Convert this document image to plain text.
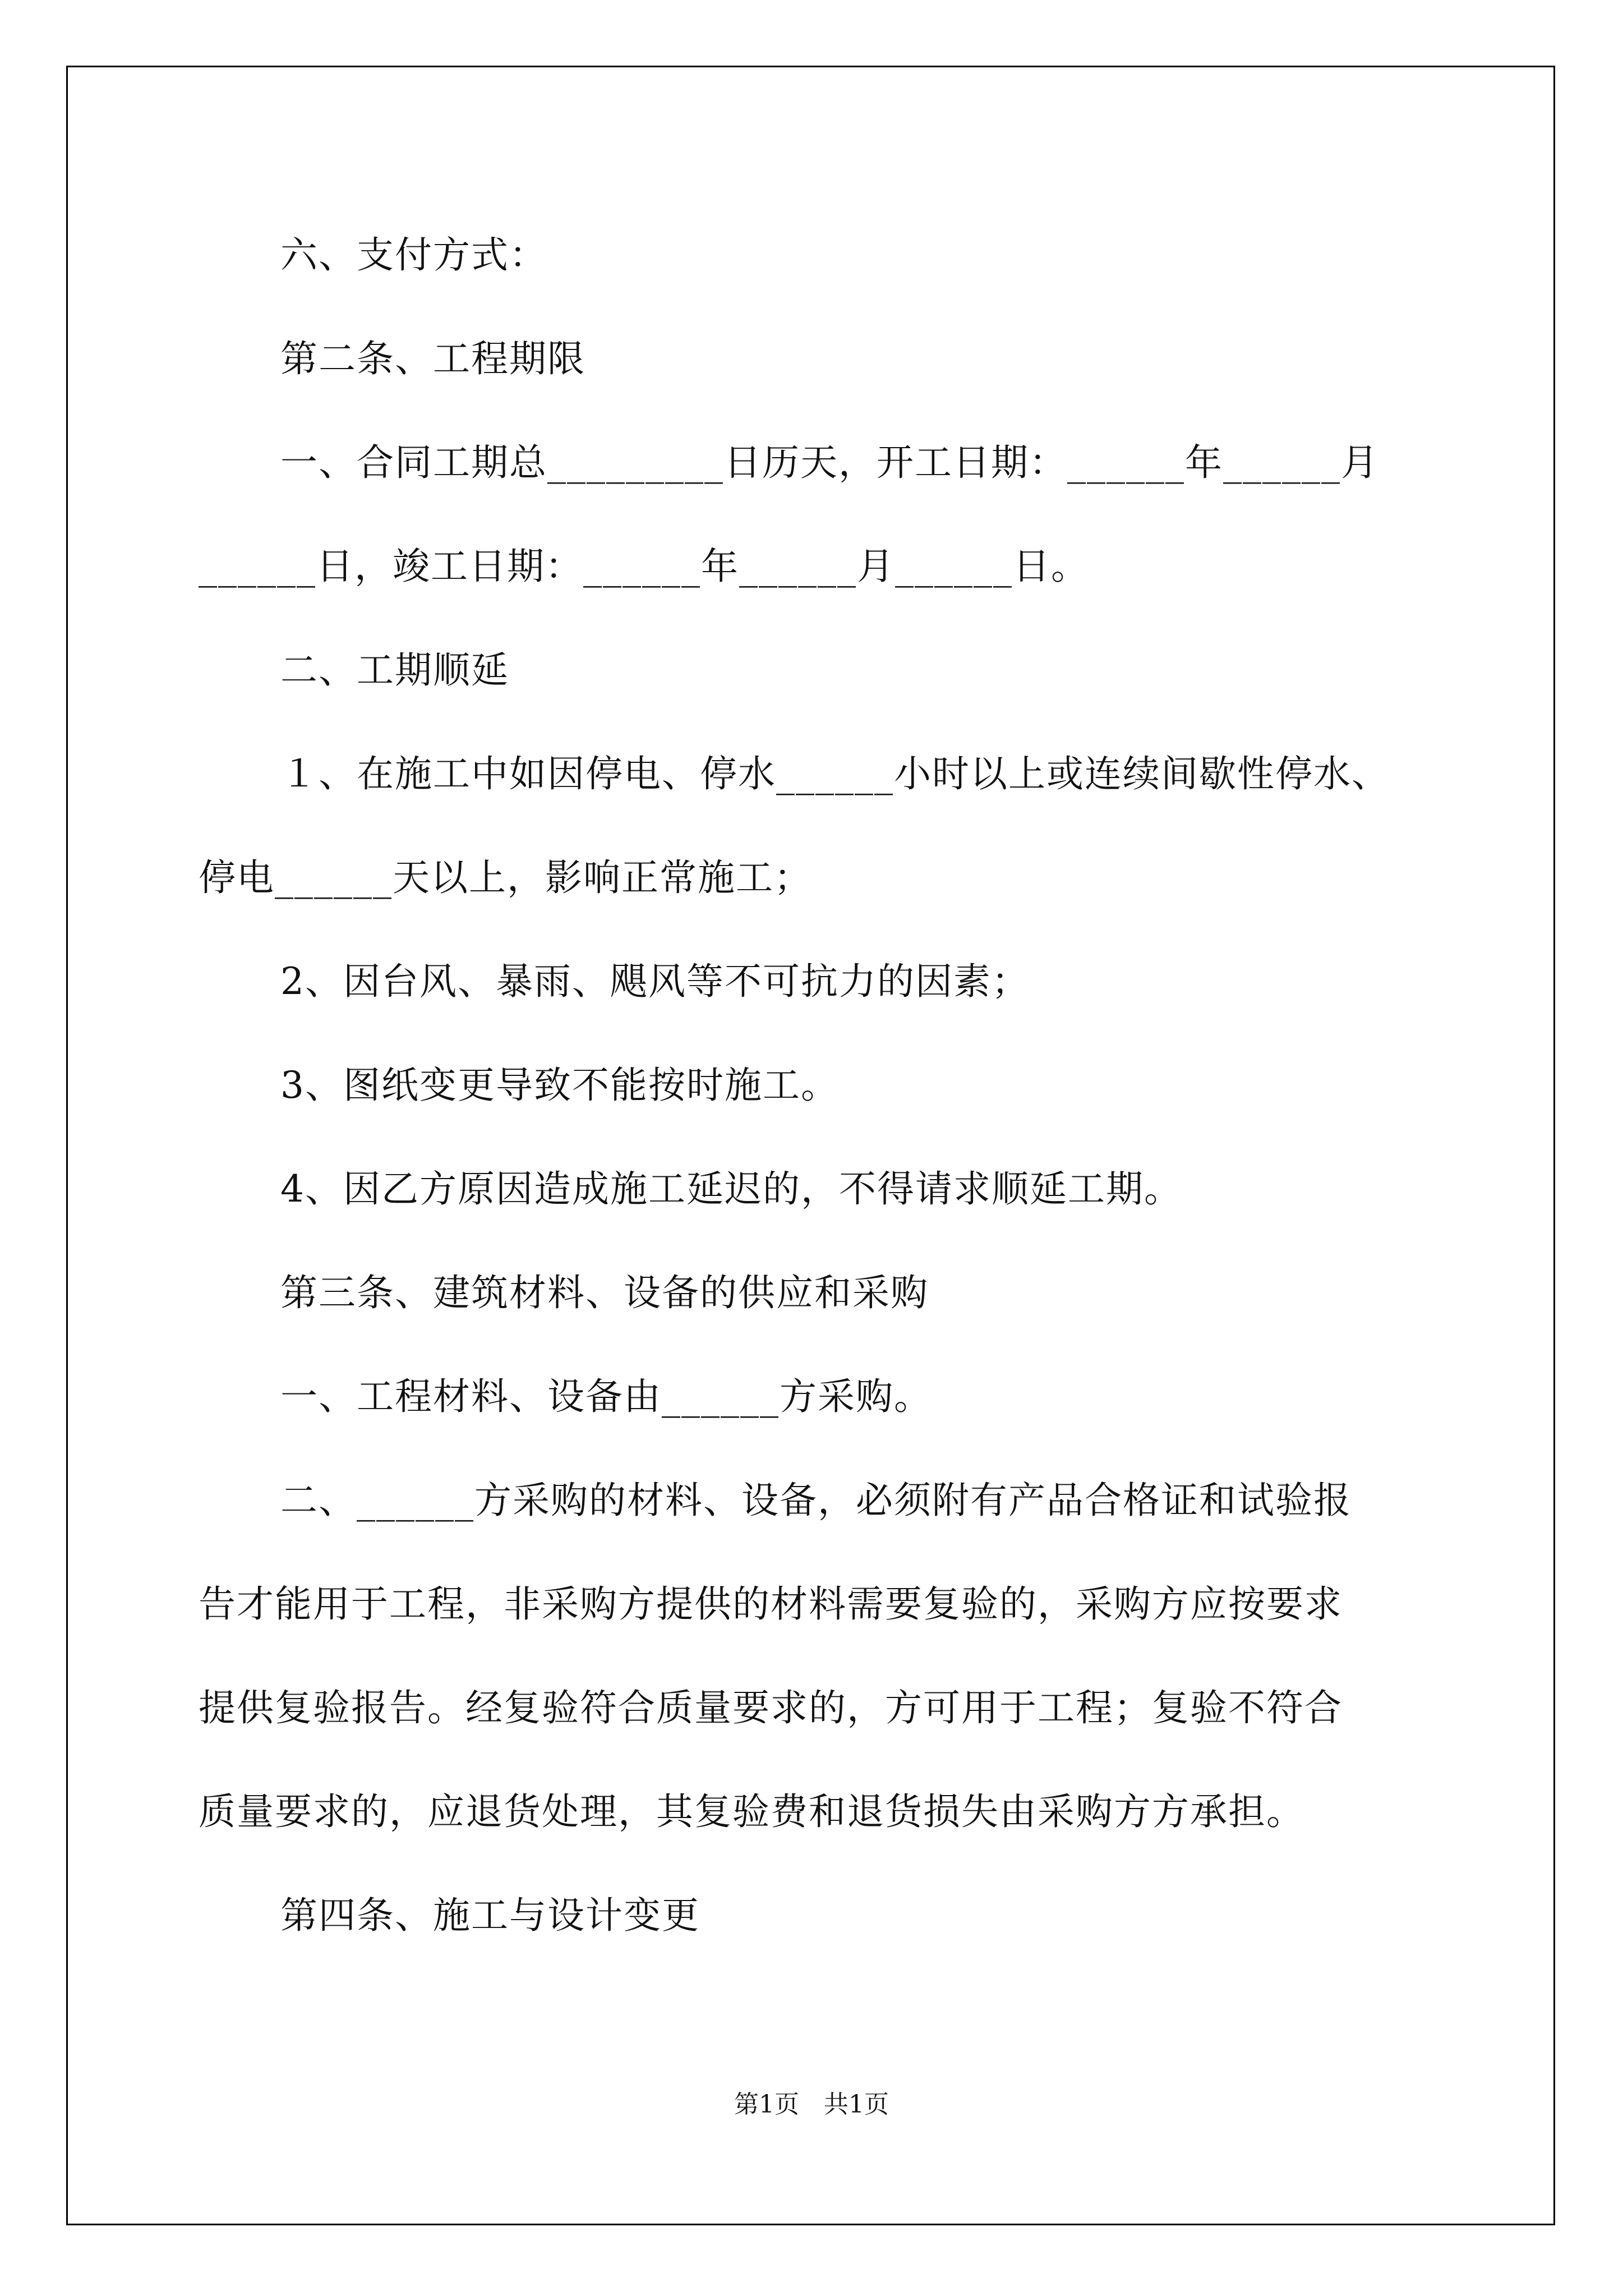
六、支付方式：
第二条、工程期限
一、合同工期总_________日历天，开工日期：______年______月
______日，竣工日期：______年______月______日。
二、工期顺延
１、在施工中如因停电、停水______小时以上或连续间歇性停水、
停电______天以上，影响正常施工；
2、因台风、暴雨、飓风等不可抗力的因素；
3、图纸变更导致不能按时施工。
4、因乙方原因造成施工延迟的，不得请求顺延工期。
第三条、建筑材料、设备的供应和采购
一、工程材料、设备由______方采购。
二、______方采购的材料、设备，必须附有产品合格证和试验报
告才能用于工程，非采购方提供的材料需要复验的，采购方应按要求
提供复验报告。经复验符合质量要求的，方可用于工程；复验不符合
质量要求的，应退货处理，其复验费和退货损失由采购方方承担。
第四条、施工与设计变更
第1页　共1页
